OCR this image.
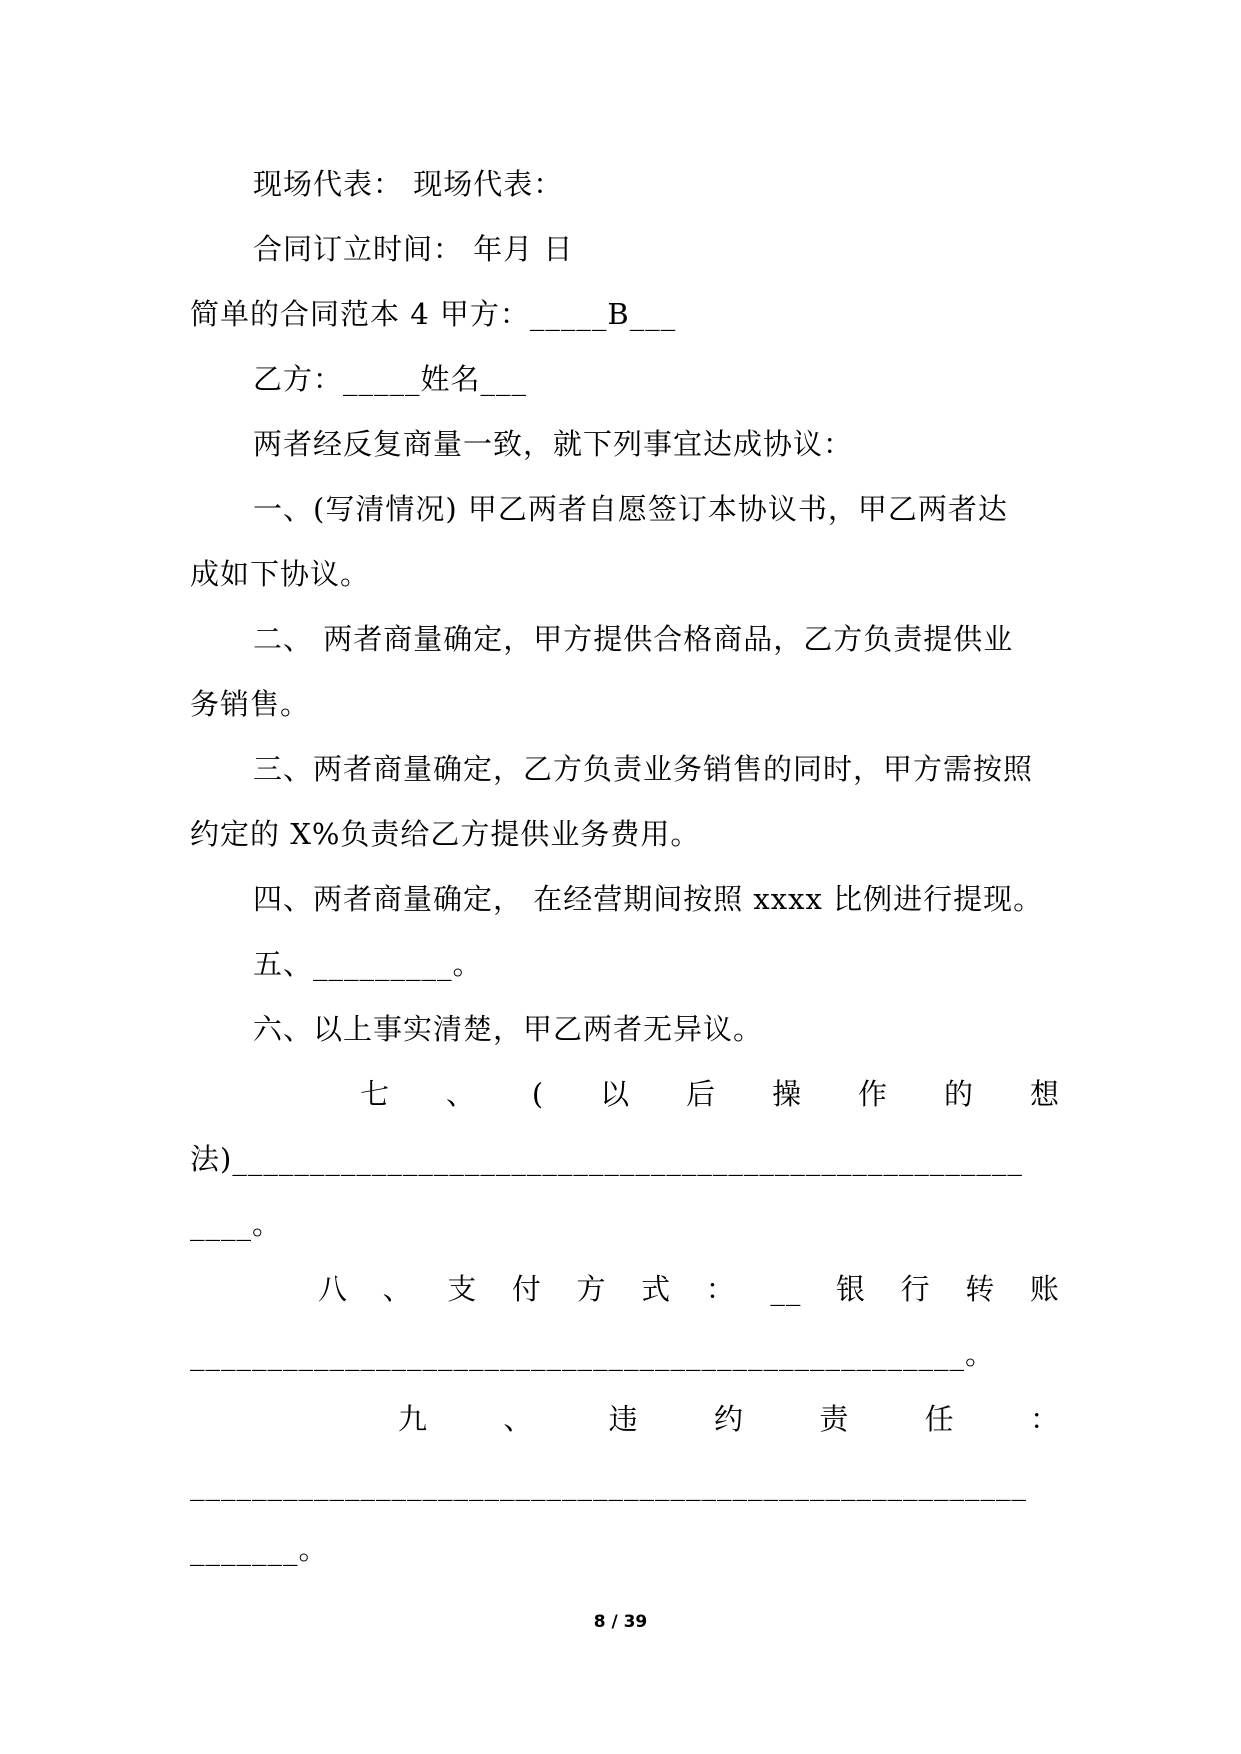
现场代表： 现场代表：
合同订立时间： 年月 日
简单的合同范本 4 甲方：_____B___
乙方：_____姓名___
两者经反复商量一致，就下列事宜达成协议：
一、(写清情况) 甲乙两者自愿签订本协议书，甲乙两者达
成如下协议。
二、 两者商量确定，甲方提供合格商品，乙方负责提供业
务销售。
三、两者商量确定，乙方负责业务销售的同时，甲方需按照
约定的 X%负责给乙方提供业务费用。
四、两者商量确定， 在经营期间按照 xxxx 比例进行提现。
五、_________。
六、以上事实清楚，甲乙两者无异议。
七 、 ( 以 后 操 作 的 想
法)___________________________________________________
____。
八 、 支 付 方 式 ： __ 银 行 转 账
__________________________________________________。
九	、	违	约	责	任	：
______________________________________________________
_______。
8 / 39
